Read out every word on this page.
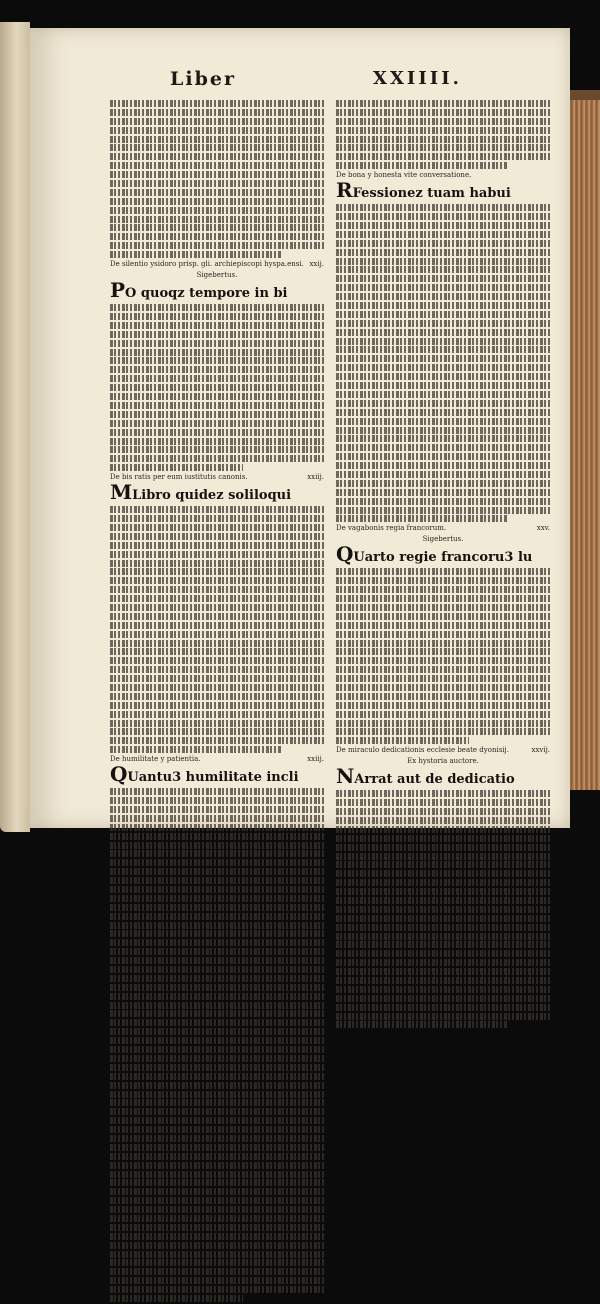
Liber	XXIIII.
De silentio ysidoro prisp. gli. archiepiscopi hyspa.ensi. xxij.
Sigebertus.
PO quoqz tempore in bi
De bis ratis per eum iustitutis canonis.	xxiij.
MLibro quidez soliloqui
De humilitate y patientia.	xxiij.
QUantu3 humilitate incli
De bona y honesta vite conversatione.
RFessionez tuam habui
De vagabonis regia francorum.	xxv.
Sigebertus.
QUarto regie francoru3 lu
De miraculo dedicationis ecclesie beate dyonisij.	xxvij.
Ex hystoria auctore.
NArrat aut de dedicatio
